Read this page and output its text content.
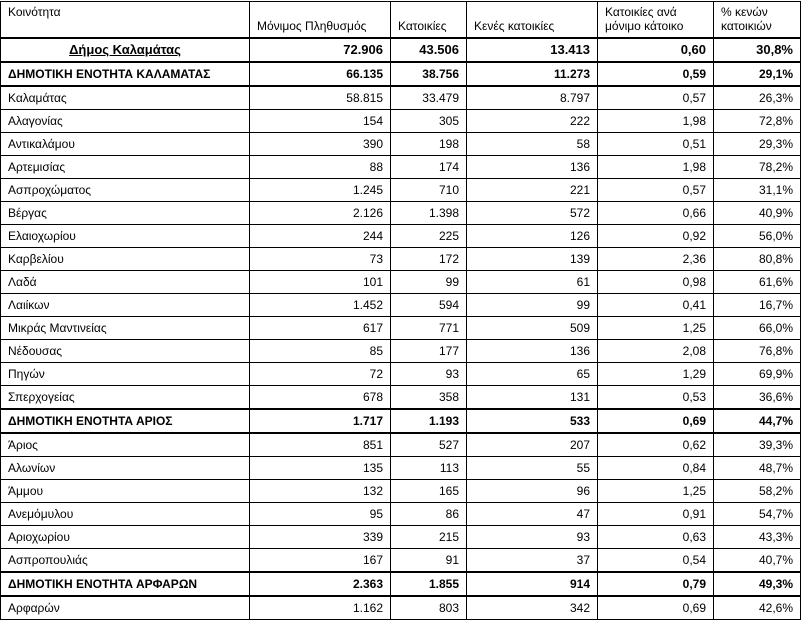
Κοινότητα	Μόνιμος Πληθυσμός	Κατοικίες	Κενές κατοικίες	Κατοικίες ανά μόνιμο κάτοικο	% κενών κατοικιών
Δήμος Καλαμάτας	72.906	43.506	13.413	0,60	30,8%
ΔΗΜΟΤΙΚΗ ΕΝΟΤΗΤΑ ΚΑΛΑΜΑΤΑΣ	66.135	38.756	11.273	0,59	29,1%
Καλαμάτας	58.815	33.479	8.797	0,57	26,3%
Αλαγονίας	154	305	222	1,98	72,8%
Αντικαλάμου	390	198	58	0,51	29,3%
Αρτεμισίας	88	174	136	1,98	78,2%
Ασπροχώματος	1.245	710	221	0,57	31,1%
Βέργας	2.126	1.398	572	0,66	40,9%
Ελαιοχωρίου	244	225	126	0,92	56,0%
Καρβελίου	73	172	139	2,36	80,8%
Λαδά	101	99	61	0,98	61,6%
Λαιίκων	1.452	594	99	0,41	16,7%
Μικράς Μαντινείας	617	771	509	1,25	66,0%
Νέδουσας	85	177	136	2,08	76,8%
Πηγών	72	93	65	1,29	69,9%
Σπερχογείας	678	358	131	0,53	36,6%
ΔΗΜΟΤΙΚΗ ΕΝΟΤΗΤΑ ΑΡΙΟΣ	1.717	1.193	533	0,69	44,7%
Άριος	851	527	207	0,62	39,3%
Αλωνίων	135	113	55	0,84	48,7%
Άμμου	132	165	96	1,25	58,2%
Ανεμόμυλου	95	86	47	0,91	54,7%
Αριοχωρίου	339	215	93	0,63	43,3%
Ασπροπουλιάς	167	91	37	0,54	40,7%
ΔΗΜΟΤΙΚΗ ΕΝΟΤΗΤΑ ΑΡΦΑΡΩΝ	2.363	1.855	914	0,79	49,3%
Αρφαρών	1.162	803	342	0,69	42,6%
